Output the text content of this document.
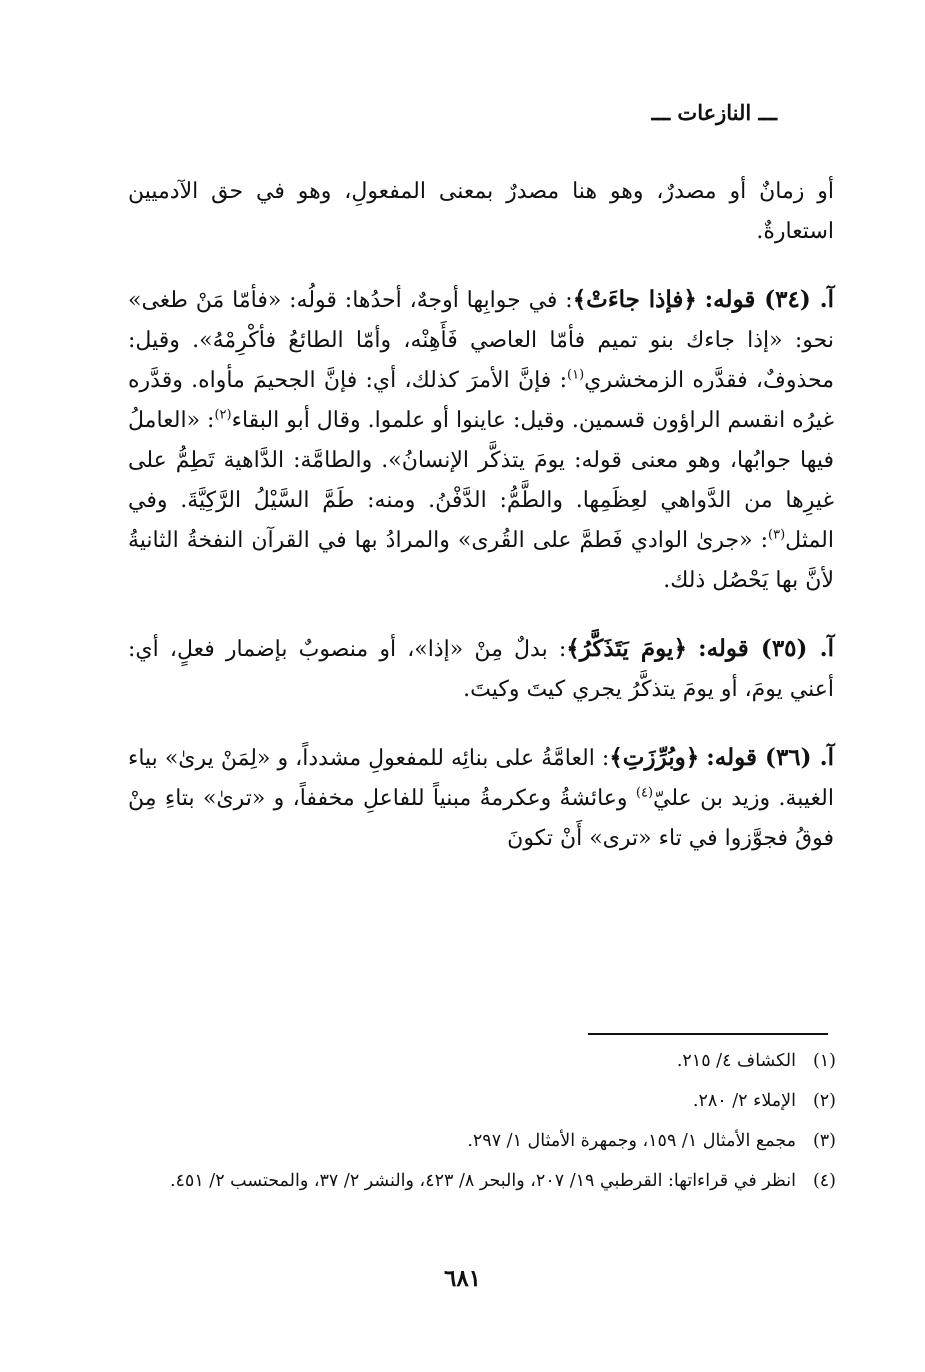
ـــ النازعات ـــ

أو زمانٌ أو مصدرٌ، وهو هنا مصدرٌ بمعنى المفعولِ، وهو في حق الآدميين استعارةٌ.

آ. (٣٤) قوله: ﴿فإذا جاءَتْ﴾: في جوابِها أوجهٌ، أحدُها: قولُه: «فأمّا مَنْ طغى» نحو: «إذا جاءك بنو تميم فأمّا العاصي فَأَهِنْه، وأمّا الطائعُ فأكْرِمْهُ». وقيل: محذوفٌ، فقدَّره الزمخشري$^{(١)}$: فإنَّ الأمرَ كذلك، أي: فإنَّ الجحيمَ مأواه. وقدَّره غيرُه انقسم الراؤون قسمين. وقيل: عاينوا أو علموا. وقال أبو البقاء$^{(٢)}$: «العاملُ فيها جوابُها، وهو معنى قوله: يومَ يتذكَّر الإنسانُ». والطامَّة: الدَّاهية تَطِمُّ على غيرِها من الدَّواهي لعِظَمِها. والطَّمُّ: الدَّفْنُ. ومنه: طَمَّ السَّيْلُ الرَّكِيَّةَ. وفي المثل$^{(٣)}$: «جرىٰ الوادي فَطمَّ على القُرى» والمرادُ بها في القرآن النفخةُ الثانيةُ لأنَّ بها يَحْصُل ذلك.

آ. (٣٥) قوله: ﴿يومَ يَتَذَكَّرُ﴾: بدلٌ مِنْ «إذا»، أو منصوبٌ بإضمار فعلٍ، أي: أعني يومَ، أو يومَ يتذكَّرُ يجري كيتَ وكيتَ.

آ. (٣٦) قوله: ﴿وبُرِّزَتِ﴾: العامَّةُ على بنائِه للمفعولِ مشدداً، و «لِمَنْ يرىٰ» بياء الغيبة. وزيد بن عليّ$^{(٤)}$ وعائشةُ وعكرمةُ مبنياً للفاعلِ مخففاً، و «ترىٰ» بتاءِ مِنْ فوقُ فجوَّزوا في تاء «ترى» أَنْ تكونَ

(١)
الكشاف ٤/ ٢١٥.
(٢)
الإملاء ٢/ ٢٨٠.
(٣)
مجمع الأمثال ١/ ١٥٩، وجمهرة الأمثال ١/ ٢٩٧.
(٤)
انظر في قراءاتها: القرطبي ١٩/ ٢٠٧، والبحر ٨/ ٤٢٣، والنشر ٢/ ٣٧، والمحتسب ٢/ ٤٥١.
٦٨١
